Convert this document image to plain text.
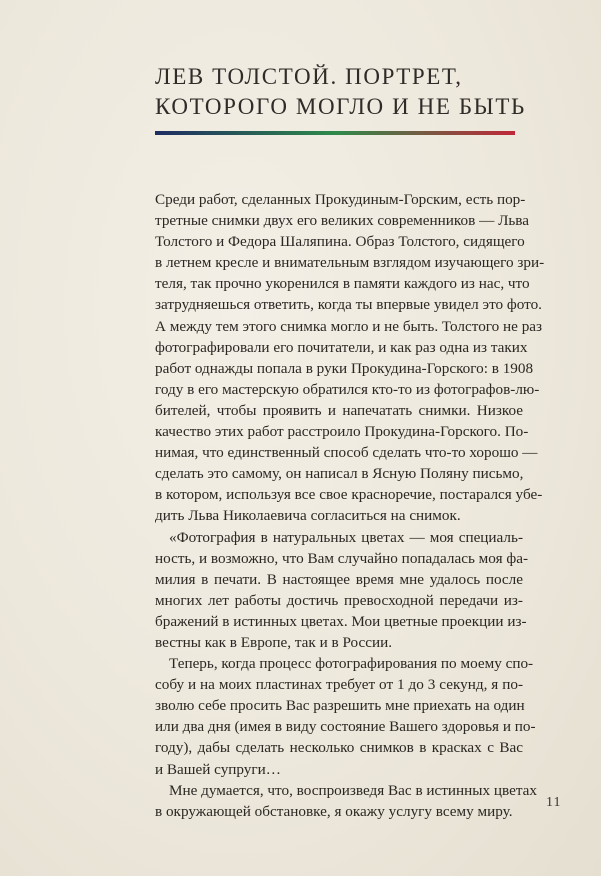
ЛЕВ ТОЛСТОЙ. ПОРТРЕТ,
КОТОРОГО МОГЛО И НЕ БЫТЬ
Среди работ, сделанных Прокудиным-Горским, есть пор-
третные снимки двух его великих современников — Льва
Толстого и Федора Шаляпина. Образ Толстого, сидящего
в летнем кресле и внимательным взглядом изучающего зри-
теля, так прочно укоренился в памяти каждого из нас, что
затрудняешься ответить, когда ты впервые увидел это фото.
А между тем этого снимка могло и не быть. Толстого не раз
фотографировали его почитатели, и как раз одна из таких
работ однажды попала в руки Прокудина-Горского: в 1908
году в его мастерскую обратился кто-то из фотографов-лю-
бителей, чтобы проявить и напечатать снимки. Низкое
качество этих работ расстроило Прокудина-Горского. По-
нимая, что единственный способ сделать что-то хорошо —
сделать это самому, он написал в Ясную Поляну письмо,
в котором, используя все свое красноречие, постарался убе-
дить Льва Николаевича согласиться на снимок.
«Фотография в натуральных цветах — моя специаль-
ность, и возможно, что Вам случайно попадалась моя фа-
милия в печати. В настоящее время мне удалось после
многих лет работы достичь превосходной передачи из-
бражений в истинных цветах. Мои цветные проекции из-
вестны как в Европе, так и в России.
Теперь, когда процесс фотографирования по моему спо-
собу и на моих пластинах требует от 1 до 3 секунд, я по-
зволю себе просить Вас разрешить мне приехать на один
или два дня (имея в виду состояние Вашего здоровья и по-
году), дабы сделать несколько снимков в красках с Вас
и Вашей супруги…
Мне думается, что, воспроизведя Вас в истинных цветах
в окружающей обстановке, я окажу услугу всему миру.
11
